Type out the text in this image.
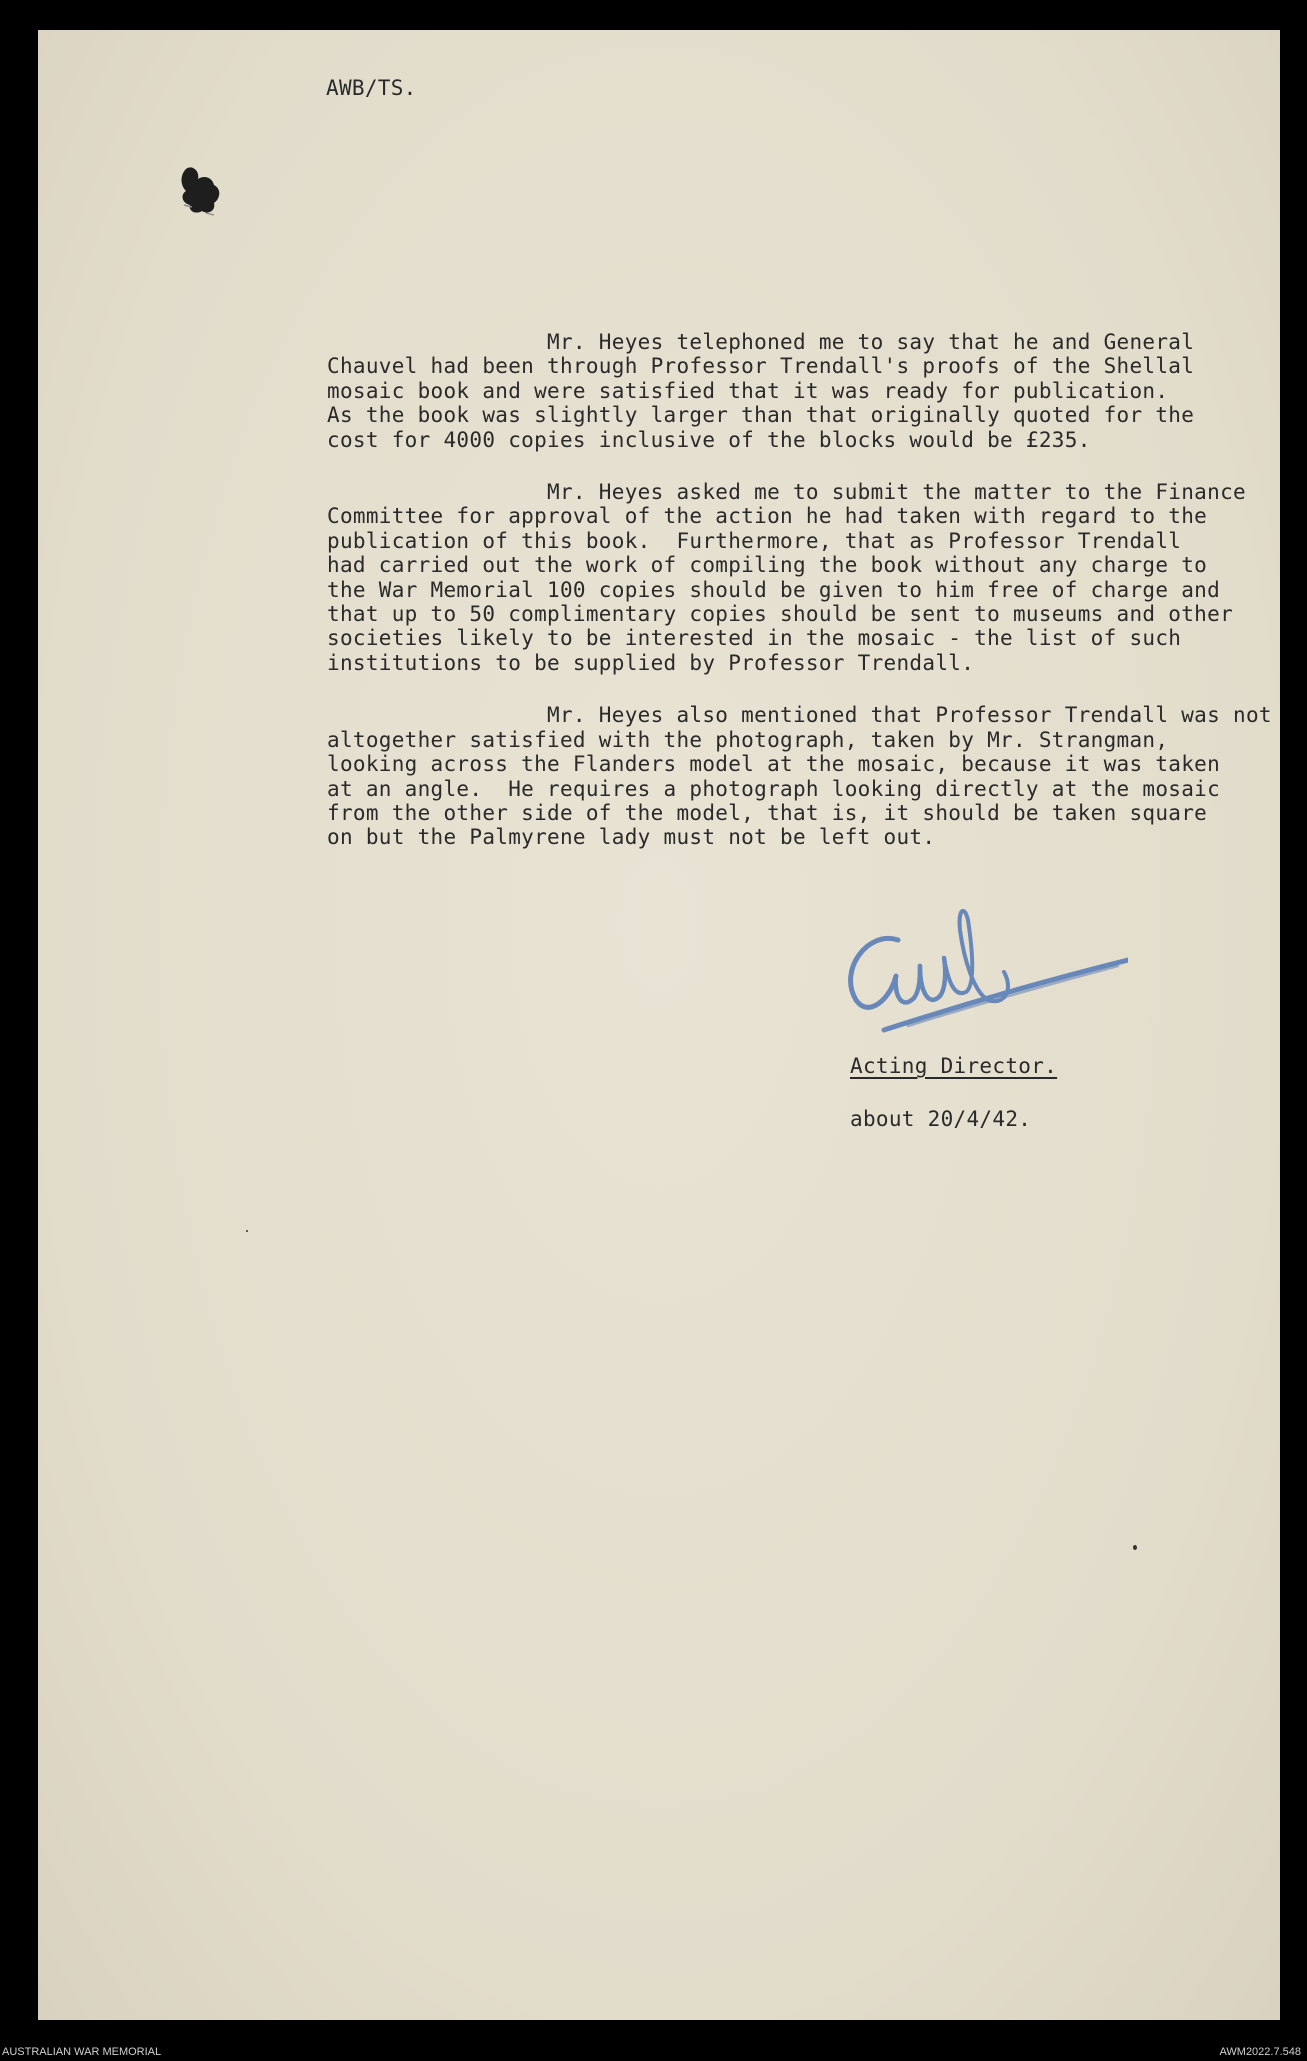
AWB/TS.

Mr. Heyes telephoned me to say that he and General
Chauvel had been through Professor Trendall's proofs of the Shellal
mosaic book and were satisfied that it was ready for publication.
As the book was slightly larger than that originally quoted for the
cost for 4000 copies inclusive of the blocks would be £235.

Mr. Heyes asked me to submit the matter to the Finance
Committee for approval of the action he had taken with regard to the
publication of this book.  Furthermore, that as Professor Trendall
had carried out the work of compiling the book without any charge to
the War Memorial 100 copies should be given to him free of charge and
that up to 50 complimentary copies should be sent to museums and other
societies likely to be interested in the mosaic - the list of such
institutions to be supplied by Professor Trendall.

Mr. Heyes also mentioned that Professor Trendall was not
altogether satisfied with the photograph, taken by Mr. Strangman,
looking across the Flanders model at the mosaic, because it was taken
at an angle.  He requires a photograph looking directly at the mosaic
from the other side of the model, that is, it should be taken square
on but the Palmyrene lady must not be left out.

Acting Director.
about 20/4/42.
AUSTRALIAN WAR MEMORIAL	AWM2022.7.548
